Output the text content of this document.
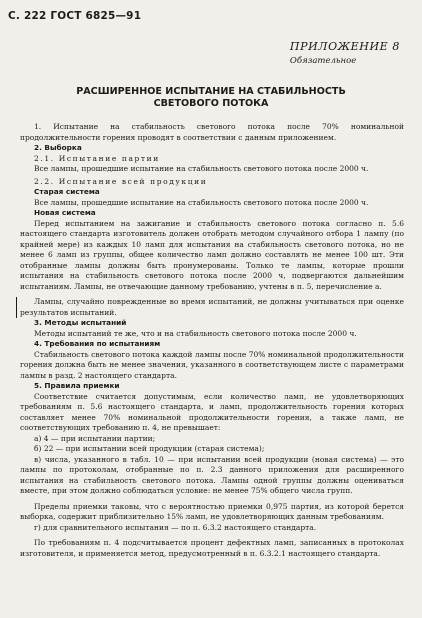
С. 222 ГОСТ 6825—91
ПРИЛОЖЕНИЕ 8
Обязательное
РАСШИРЕННОЕ ИСПЫТАНИЕ НА СТАБИЛЬНОСТЬ
СВЕТОВОГО ПОТОКА

1. Испытание на стабильность светового потока после 70% номинальной продолжительности горения проводят в соответствии с данным приложением.

2. Выборка

2.1. Испытание партии

Все лампы, прошедшие испытание на стабильность светового потока после 2000 ч.

2.2. Испытание всей продукции

Старая система

Все лампы, прошедшие испытание на стабильность светового потока после 2000 ч.

Новая система

Перед испытанием на зажигание и стабильность светового потока согласно п. 5.6 настоящего стандарта изготовитель должен отобрать методом случайного отбора 1 лампу (по крайней мере) из каждых 10 ламп для испытания на стабильность светового потока, но не менее 6 ламп из группы, общее количество ламп должно составлять не менее 100 шт. Эти отобранные лампы должны быть пронумерованы. Только те лампы, которые прошли испытания на стабильность светового потока после 2000 ч, подвергаются дальнейшим испытаниям. Лампы, не отвечающие данному требованию, учтены в п. 5, перечисление а.

Лампы, случайно поврежденные во время испытаний, не должны учитываться при оценке результатов испытаний.

3. Методы испытаний

Методы испытаний те же, что и на стабильность светового потока после 2000 ч.

4. Требования по испытаниям

Стабильность светового потока каждой лампы после 70% номинальной продолжительности горения должна быть не менее значения, указанного в соответствующем листе с параметрами лампы в разд. 2 настоящего стандарта.

5. Правила приемки

Соответствие считается допустимым, если количество ламп, не удовлетворяющих требованиям п. 5.6 настоящего стандарта, и ламп, продолжительность горения которых составляет менее 70% номинальной продолжительности горения, а также ламп, не соответствующих требованию п. 4, не превышает:

а) 4 — при испытании партии;

б) 22 — при испытании всей продукции (старая система);

в) числа, указанного в табл. 10 — при испытании всей продукции (новая система) — это лампы по протоколам, отобранные по п. 2.3 данного приложения для расширенного испытания на стабильность светового потока. Лампы одной группы должны оцениваться вместе, при этом должно соблюдаться условие: не менее 75% общего числа групп.

Пределы приемки таковы, что с вероятностью приемки 0,975 партия, из которой берется выборка, содержит приблизительно 15% ламп, не удовлетворяющих данным требованиям.

г) для сравнительного испытания — по п. 6.3.2 настоящего стандарта.

По требованиям п. 4 подсчитывается процент дефектных ламп, записанных в протоколах изготовителя, и применяется метод, предусмотренный в п. 6.3.2.1 настоящего стандарта.
